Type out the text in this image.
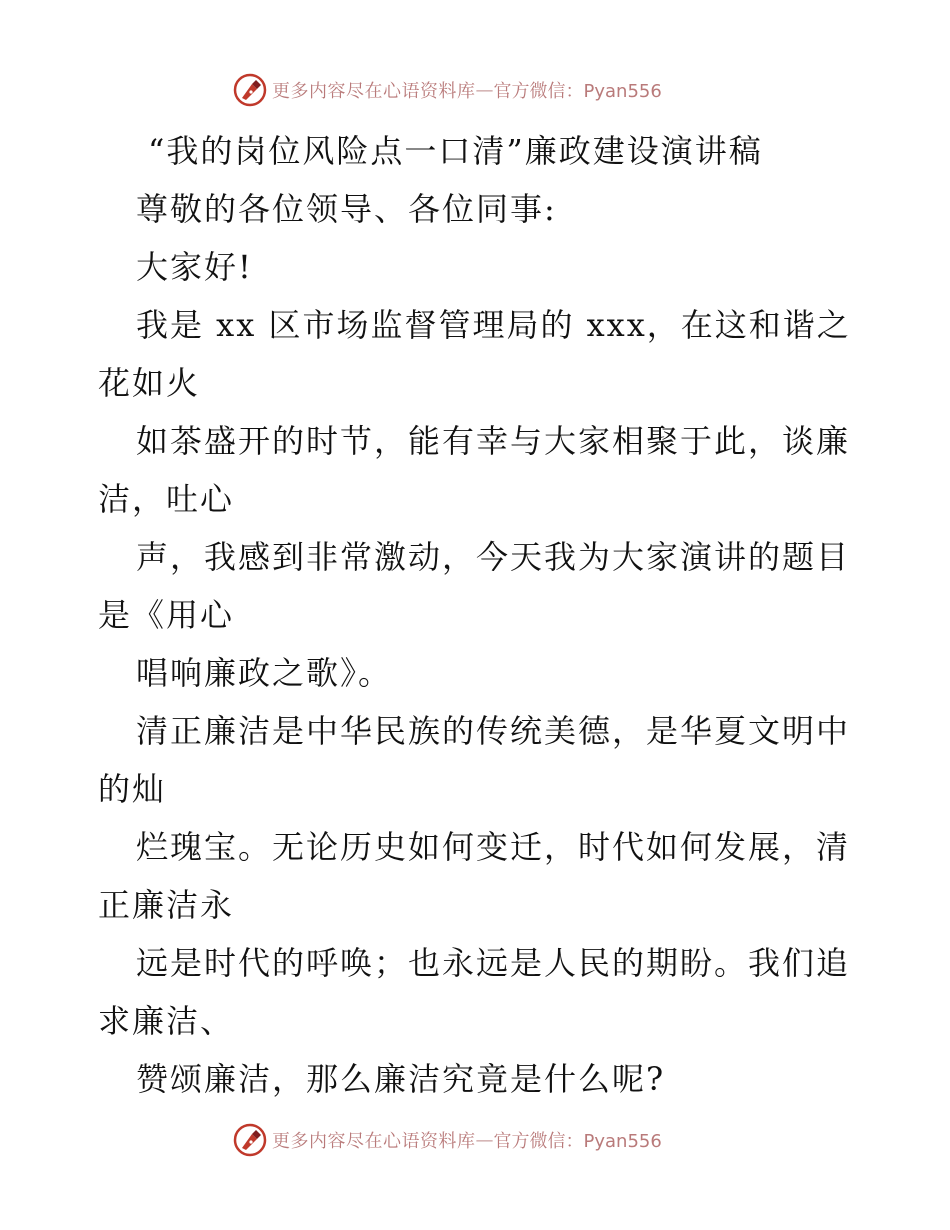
更多内容尽在心语资料库 — 官方微信：Pyan556
“我的岗位风险点一口清”廉政建设演讲稿
尊敬的各位领导、各位同事:
大家好!
我是 xx 区市场监督管理局的 xxx，在这和谐之
花如火
如茶盛开的时节，能有幸与大家相聚于此，谈廉
洁，吐心
声，我感到非常激动，今天我为大家演讲的题目
是《用心
唱响廉政之歌》。
清正廉洁是中华民族的传统美德，是华夏文明中
的灿
烂瑰宝。无论历史如何变迁，时代如何发展，清
正廉洁永
远是时代的呼唤；也永远是人民的期盼。我们追
求廉洁、
赞颂廉洁，那么廉洁究竟是什么呢?
更多内容尽在心语资料库 — 官方微信：Pyan556
